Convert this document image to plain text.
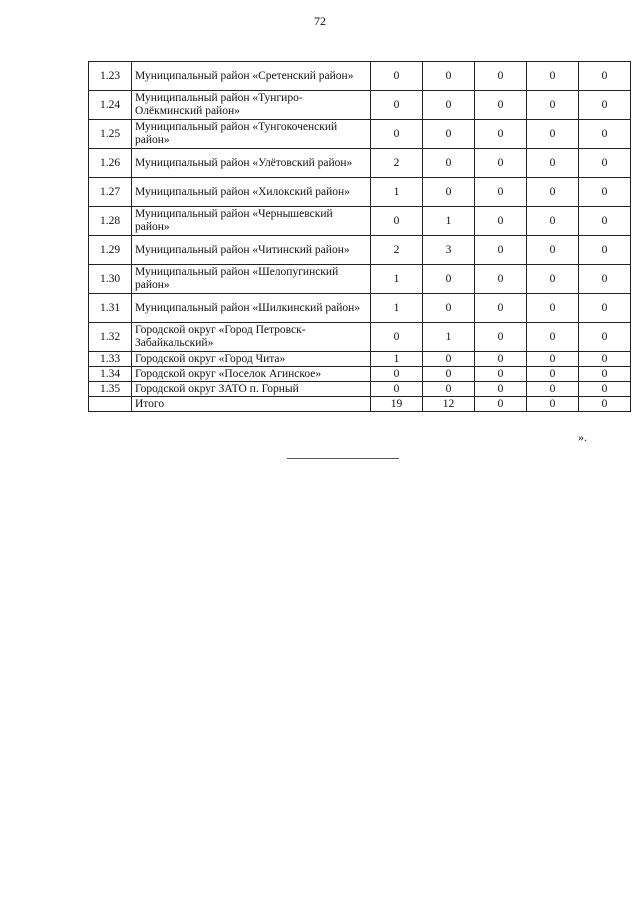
72
1.23	Муниципальный район «Сретенский район»	0	0	0	0	0
1.24	Муниципальный район «Тунгиро-Олёкминский район»	0	0	0	0	0
1.25	Муниципальный район «Тунгокоченский район»	0	0	0	0	0
1.26	Муниципальный район «Улётовский район»	2	0	0	0	0
1.27	Муниципальный район «Хилокский район»	1	0	0	0	0
1.28	Муниципальный район «Чернышевский район»	0	1	0	0	0
1.29	Муниципальный район «Читинский район»	2	3	0	0	0
1.30	Муниципальный район «Шелопугинский район»	1	0	0	0	0
1.31	Муниципальный район «Шилкинский район»	1	0	0	0	0
1.32	Городской округ «Город Петровск-Забайкальский»	0	1	0	0	0
1.33	Городской округ «Город Чита»	1	0	0	0	0
1.34	Городской округ «Поселок Агинское»	0	0	0	0	0
1.35	Городской округ ЗАТО п. Горный	0	0	0	0	0
	Итого	19	12	0	0	0
».
